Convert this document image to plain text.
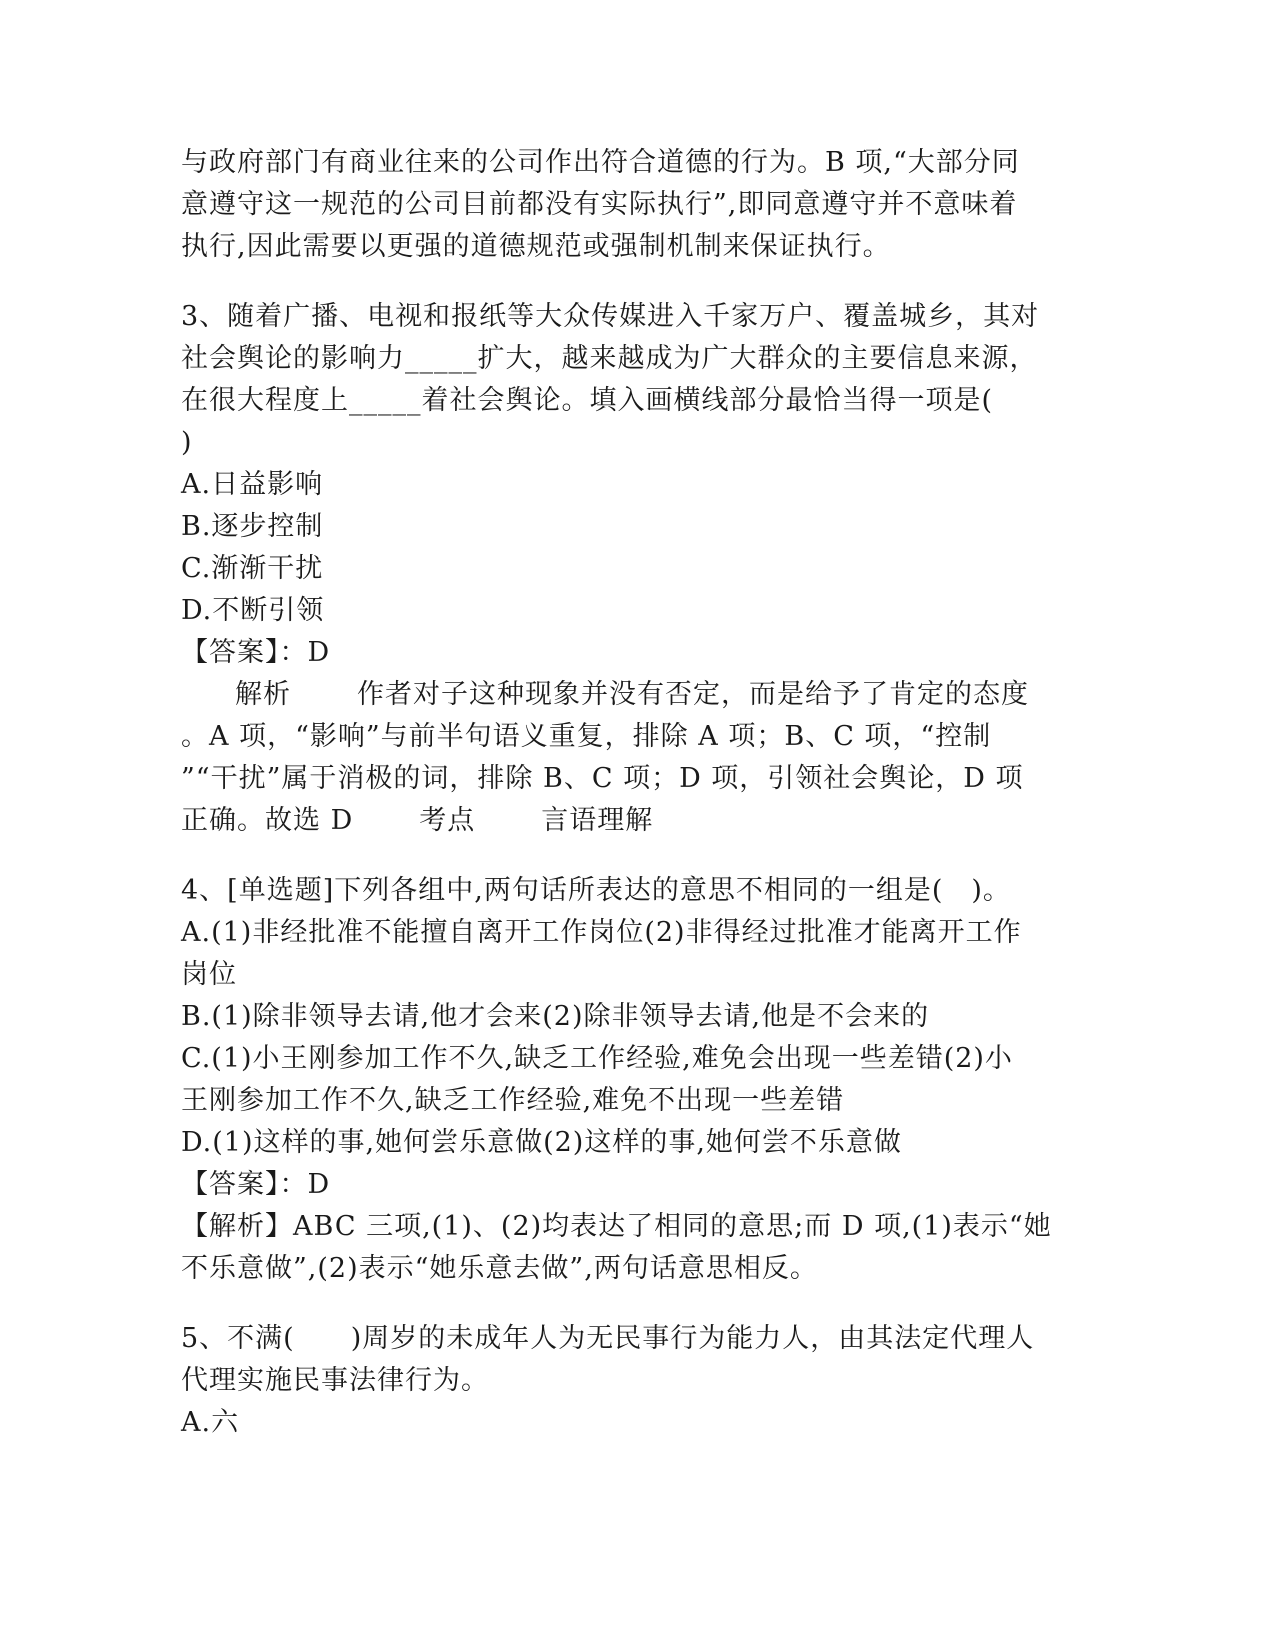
与政府部门有商业往来的公司作出符合道德的行为。B 项,“大部分同
意遵守这一规范的公司目前都没有实际执行”,即同意遵守并不意味着
执行,因此需要以更强的道德规范或强制机制来保证执行。
3、随着广播、电视和报纸等大众传媒进入千家万户、覆盖城乡，其对
社会舆论的影响力_____扩大，越来越成为广大群众的主要信息来源，
在很大程度上_____着社会舆论。填入画横线部分最恰当得一项是(
)
A.日益影响
B.逐步控制
C.渐渐干扰
D.不断引领
【答案】：D
解析 作者对子这种现象并没有否定，而是给予了肯定的态度
。A 项，“影响”与前半句语义重复，排除 A 项；B、C 项，“控制
”“干扰”属于消极的词，排除 B、C 项；D 项，引领社会舆论，D 项
正确。故选 D 考点 言语理解
4、[单选题]下列各组中,两句话所表达的意思不相同的一组是(　)。
A.(1)非经批准不能擅自离开工作岗位(2)非得经过批准才能离开工作
岗位
B.(1)除非领导去请,他才会来(2)除非领导去请,他是不会来的
C.(1)小王刚参加工作不久,缺乏工作经验,难免会出现一些差错(2)小
王刚参加工作不久,缺乏工作经验,难免不出现一些差错
D.(1)这样的事,她何尝乐意做(2)这样的事,她何尝不乐意做
【答案】：D
【解析】ABC 三项,(1)、(2)均表达了相同的意思;而 D 项,(1)表示“她
不乐意做”,(2)表示“她乐意去做”,两句话意思相反。
5、不满(　　)周岁的未成年人为无民事行为能力人，由其法定代理人
代理实施民事法律行为。
A.六
